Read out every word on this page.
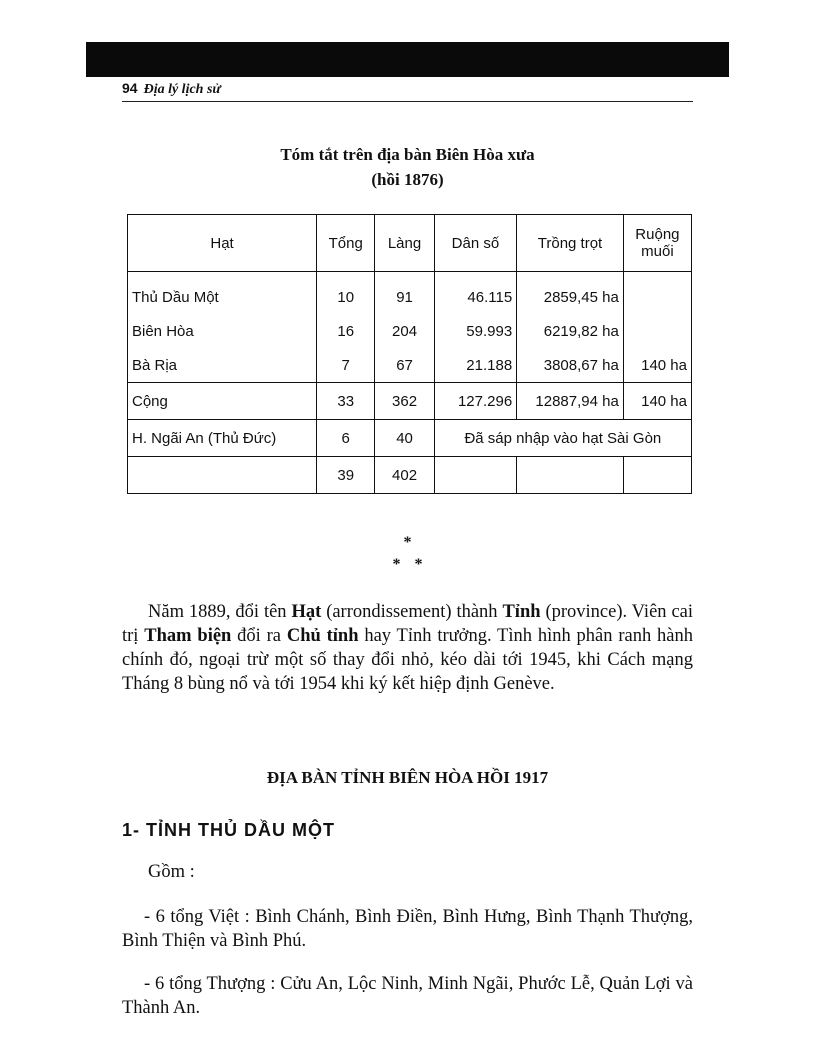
94 Địa lý lịch sử
Tóm tắt trên địa bàn Biên Hòa xưa
(hồi 1876)
Hạt	Tổng	Làng	Dân số	Trồng trọt	Ruộng muối
Thủ Dầu Một	10	91	46.115	2859,45 ha	
Biên Hòa	16	204	59.993	6219,82 ha	
Bà Rịa	7	67	21.188	3808,67 ha	140 ha
Cộng	33	362	127.296	12887,94 ha	140 ha
H. Ngãi An (Thủ Đức)	6	40	Đã sáp nhập vào hạt Sài Gòn		
	39	402			
*
**
Năm 1889, đổi tên Hạt (arrondissement) thành Tỉnh (province). Viên cai trị Tham biện đổi ra Chủ tỉnh hay Tỉnh trưởng. Tình hình phân ranh hành chính đó, ngoại trừ một số thay đổi nhỏ, kéo dài tới 1945, khi Cách mạng Tháng 8 bùng nổ và tới 1954 khi ký kết hiệp định Genève.
ĐỊA BÀN TỈNH BIÊN HÒA HỒI 1917
1- TỈNH THỦ DẦU MỘT
Gồm :
- 6 tổng Việt : Bình Chánh, Bình Điền, Bình Hưng, Bình Thạnh Thượng, Bình Thiện và Bình Phú.
- 6 tổng Thượng : Cửu An, Lộc Ninh, Minh Ngãi, Phước Lễ, Quản Lợi và Thành An.
